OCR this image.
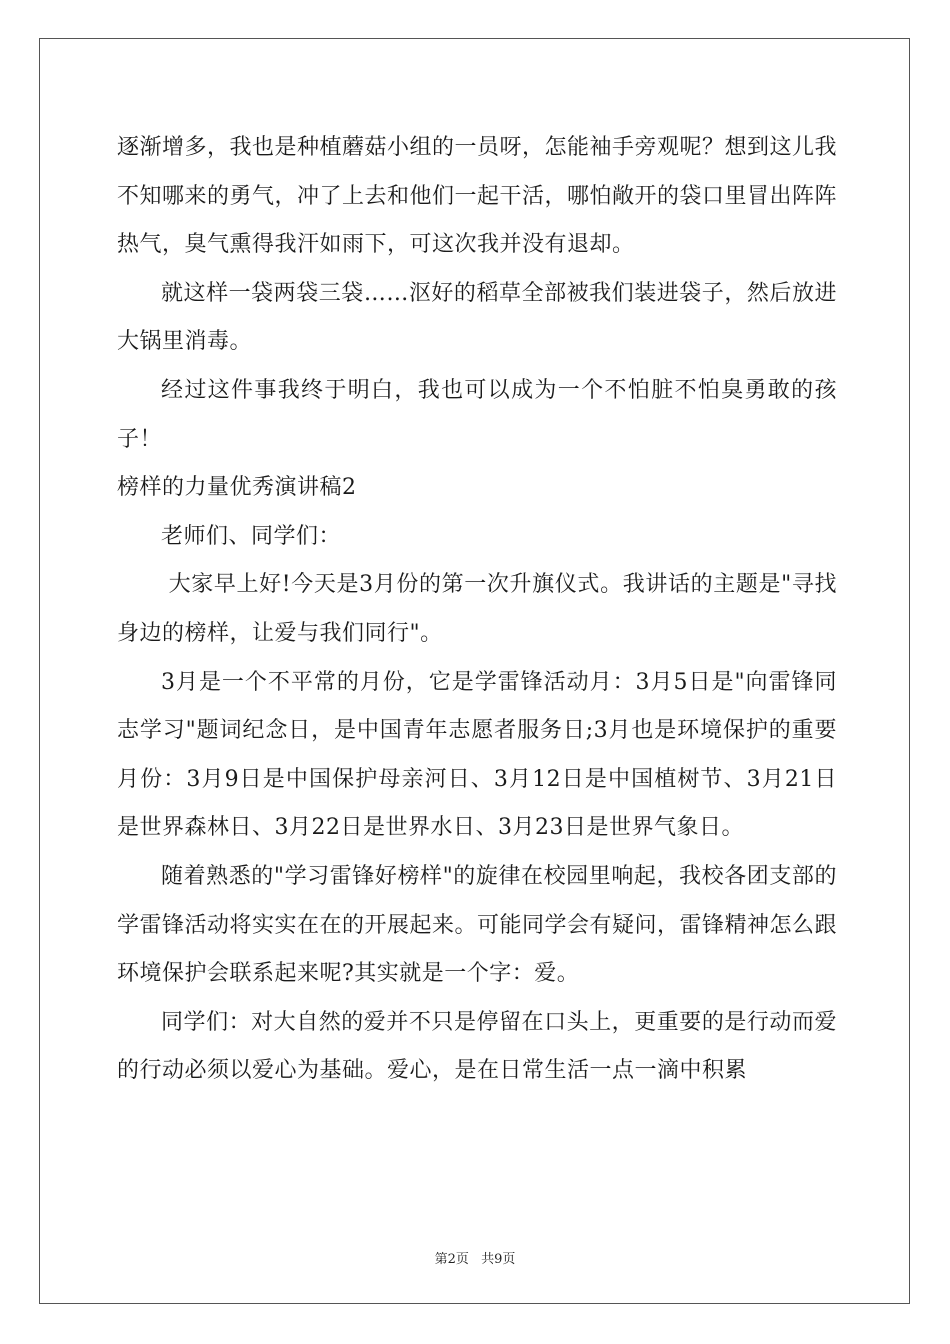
逐渐增多，我也是种植蘑菇小组的一员呀，怎能袖手旁观呢？想到这儿我不知哪来的勇气，冲了上去和他们一起干活，哪怕敞开的袋口里冒出阵阵热气，臭气熏得我汗如雨下，可这次我并没有退却。

就这样一袋两袋三袋……沤好的稻草全部被我们装进袋子，然后放进大锅里消毒。

经过这件事我终于明白，我也可以成为一个不怕脏不怕臭勇敢的孩子！

榜样的力量优秀演讲稿2

老师们、同学们：

大家早上好!今天是3月份的第一次升旗仪式。我讲话的主题是"寻找身边的榜样，让爱与我们同行"。

3月是一个不平常的月份，它是学雷锋活动月：3月5日是"向雷锋同志学习"题词纪念日，是中国青年志愿者服务日;3月也是环境保护的重要月份：3月9日是中国保护母亲河日、3月12日是中国植树节、3月21日是世界森林日、3月22日是世界水日、3月23日是世界气象日。

随着熟悉的"学习雷锋好榜样"的旋律在校园里响起，我校各团支部的学雷锋活动将实实在在的开展起来。可能同学会有疑问，雷锋精神怎么跟环境保护会联系起来呢?其实就是一个字：爱。

同学们：对大自然的爱并不只是停留在口头上，更重要的是行动而爱的行动必须以爱心为基础。爱心，是在日常生活一点一滴中积累

第2页 共9页
